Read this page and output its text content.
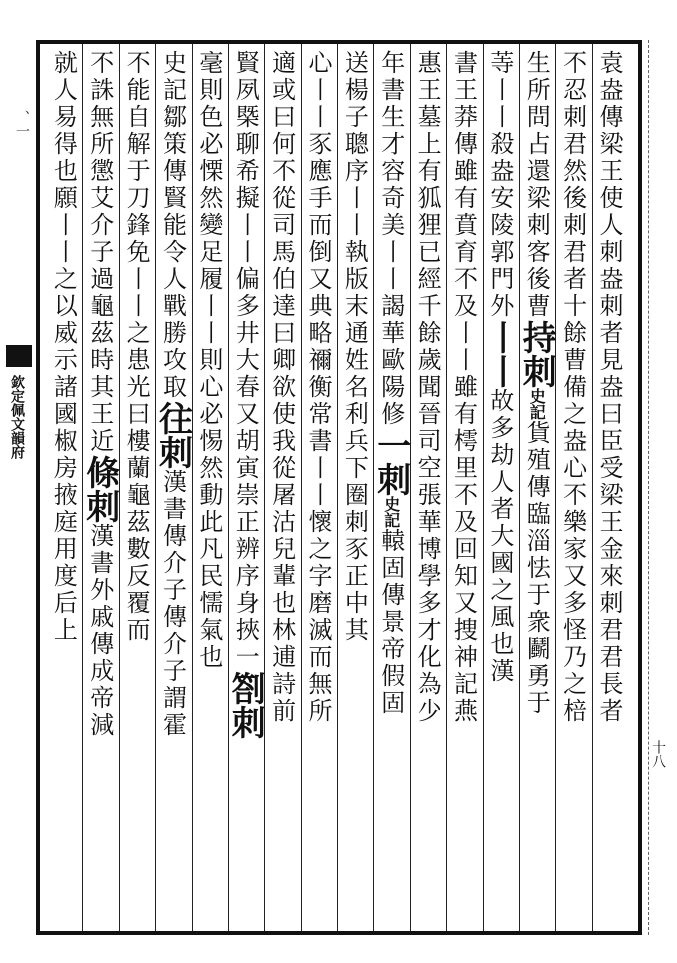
、一
欽定佩文韻府
十八
袁盎傳梁王使人刺盎刺者見盎曰臣受梁王金來刺君君長者
不忍刺君然後刺君者十餘曹備之盎心不樂家又多怪乃之棓
生所問占還梁刺客後曹持刺史記貨殖傳臨淄怯于衆鬬勇于
䓁丨丨殺盎安陵郭門外丨丨故多劫人者大國之風也漢
書王莽傳雖有賁育不及丨丨雖有樗里不及回知又捜神記燕
惠王墓上有狐狸已經千餘歲聞晉司空張華博學多才化為少
年書生才容奇美丨丨謁華歐陽修一刺史記轅固傳景帝假固
送楊子聰序丨丨執版末通姓名利兵下圈刺豕正中其
心丨丨豕應手而倒又典略禰衡常書丨丨懷之字磨滅而無所
適或曰何不從司馬伯達曰卿欲使我從屠沽兒輩也林逋詩前
賢夙槩聊希擬丨丨偏多井大春又胡寅崇正辨序身挾一劄刺
毫則色必慄然變足履丨丨則心必惕然動此凡民懦氣也
史記鄒策傳賢能令人戰勝攻取往刺漢書傳介子傳介子謂霍
不能自解于刀鋒免丨丨之患光曰樓蘭龜茲數反覆而
不誅無所懲艾介子過龜茲時其王近條刺漢書外戚傳成帝減
就人易得也願丨丨之以威示諸國椒房掖庭用度后上
